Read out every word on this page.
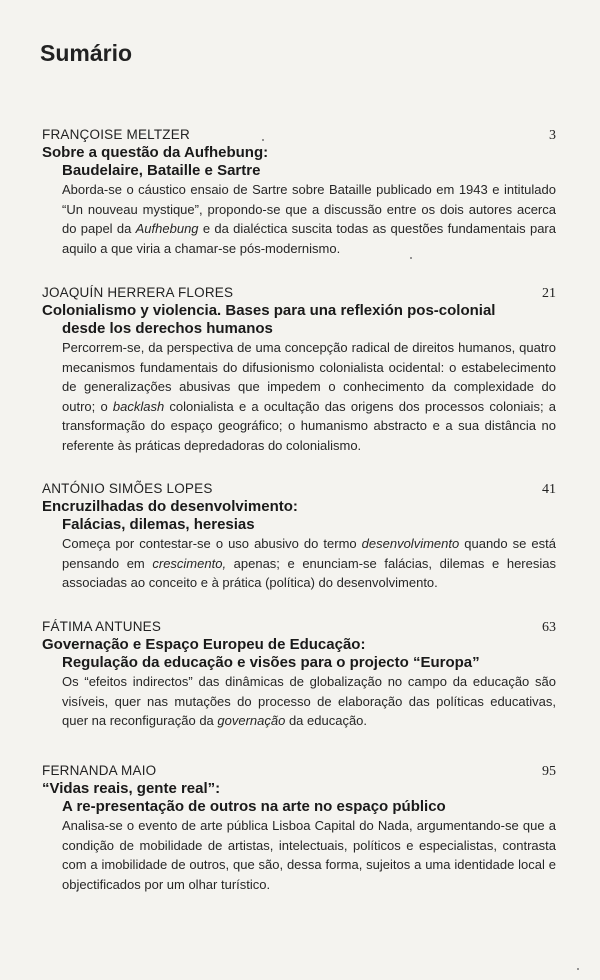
Sumário
FRANÇOISE MELTZER	3
Sobre a questão da Aufhebung:
Baudelaire, Bataille e Sartre
Aborda-se o cáustico ensaio de Sartre sobre Bataille publicado em 1943 e intitulado “Un nouveau mystique”, propondo-se que a discussão entre os dois autores acerca do papel da Aufhebung e da dialéctica suscita todas as questões fundamentais para aquilo a que viria a chamar-se pós-modernismo.
JOAQUÍN HERRERA FLORES	21
Colonialismo y violencia. Bases para una reflexión pos-colonial
desde los derechos humanos
Percorrem-se, da perspectiva de uma concepção radical de direitos humanos, quatro mecanismos fundamentais do difusionismo colonialista ocidental: o estabelecimento de generalizações abusivas que impedem o conhecimento da complexidade do outro; o backlash colonialista e a ocultação das origens dos processos coloniais; a transformação do espaço geográfico; o humanismo abstracto e a sua distância no referente às práticas depredadoras do colonialismo.
ANTÓNIO SIMÕES LOPES	41
Encruzilhadas do desenvolvimento:
Falácias, dilemas, heresias
Começa por contestar-se o uso abusivo do termo desenvolvimento quando se está pensando em crescimento, apenas; e enunciam-se falácias, dilemas e heresias associadas ao conceito e à prática (política) do desenvolvimento.
FÁTIMA ANTUNES	63
Governação e Espaço Europeu de Educação:
Regulação da educação e visões para o projecto “Europa”
Os “efeitos indirectos” das dinâmicas de globalização no campo da educação são visíveis, quer nas mutações do processo de elaboração das políticas educativas, quer na reconfiguração da governação da educação.
FERNANDA MAIO	95
“Vidas reais, gente real”:
A re-presentação de outros na arte no espaço público
Analisa-se o evento de arte pública Lisboa Capital do Nada, argumentando-se que a condição de mobilidade de artistas, intelectuais, políticos e especialistas, contrasta com a imobilidade de outros, que são, dessa forma, sujeitos a uma identidade local e objectificados por um olhar turístico.
